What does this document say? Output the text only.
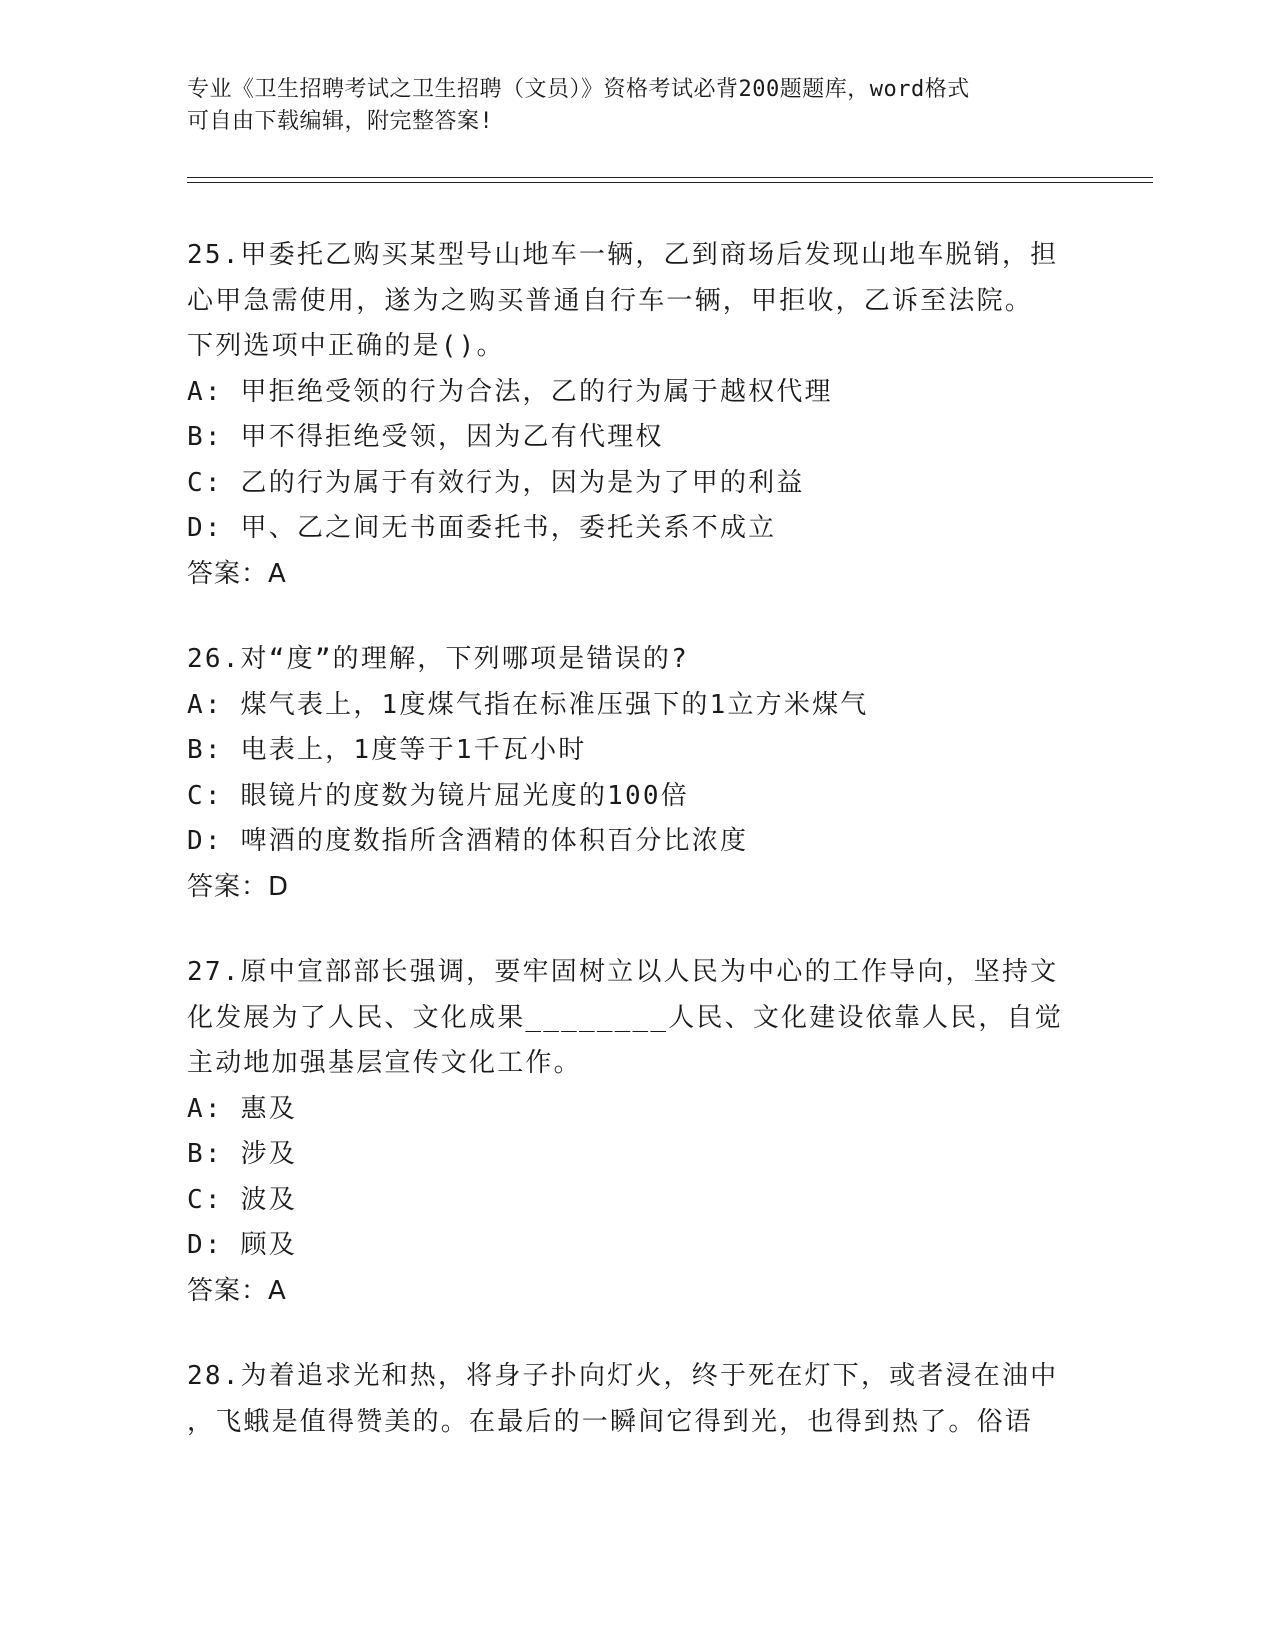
专业《卫生招聘考试之卫生招聘（文员）》资格考试必背200题题库，word格式

可自由下载编辑，附完整答案!

25.甲委托乙购买某型号山地车一辆，乙到商场后发现山地车脱销，担

心甲急需使用，遂为之购买普通自行车一辆，甲拒收，乙诉至法院。

下列选项中正确的是()。

A: 甲拒绝受领的行为合法，乙的行为属于越权代理

B: 甲不得拒绝受领，因为乙有代理权

C: 乙的行为属于有效行为，因为是为了甲的利益

D: 甲、乙之间无书面委托书，委托关系不成立

答案：A

26.对“度”的理解，下列哪项是错误的?

A: 煤气表上，1度煤气指在标准压强下的1立方米煤气

B: 电表上，1度等于1千瓦小时

C: 眼镜片的度数为镜片屈光度的100倍

D: 啤酒的度数指所含酒精的体积百分比浓度

答案：D

27.原中宣部部长强调，要牢固树立以人民为中心的工作导向，坚持文

化发展为了人民、文化成果________人民、文化建设依靠人民，自觉

主动地加强基层宣传文化工作。

A: 惠及

B: 涉及

C: 波及

D: 顾及

答案：A

28.为着追求光和热，将身子扑向灯火，终于死在灯下，或者浸在油中

，飞蛾是值得赞美的。在最后的一瞬间它得到光，也得到热了。俗语
